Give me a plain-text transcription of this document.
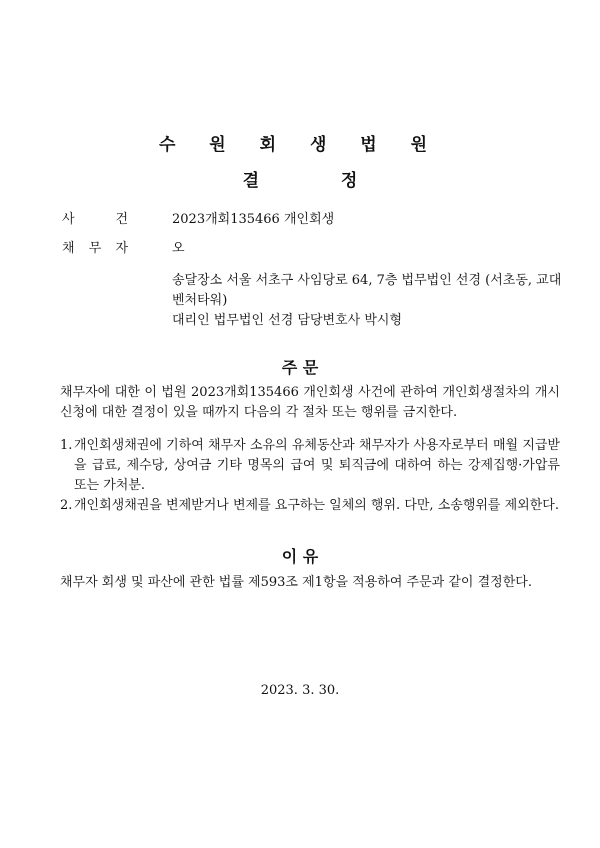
수 원 회 생 법 원
결	정
사	건	2023개회135466 개인회생
채 무 자	오
송달장소 서울 서초구 사임당로 64, 7층 법무법인 선경 (서초동, 교대벤처타워)
대리인 법무법인 선경 담당변호사 박시형
주 문
채무자에 대한 이 법원 2023개회135466 개인회생 사건에 관하여 개인회생절차의 개시신청에 대한 결정이 있을 때까지 다음의 각 절차 또는 행위를 금지한다.
1. 개인회생채권에 기하여 채무자 소유의 유체동산과 채무자가 사용자로부터 매월 지급받을 급료, 제수당, 상여금 기타 명목의 급여 및 퇴직금에 대하여 하는 강제집행·가압류 또는 가처분.
2. 개인회생채권을 변제받거나 변제를 요구하는 일체의 행위. 다만, 소송행위를 제외한다.
이 유
채무자 회생 및 파산에 관한 법률 제593조 제1항을 적용하여 주문과 같이 결정한다.
2023. 3. 30.
